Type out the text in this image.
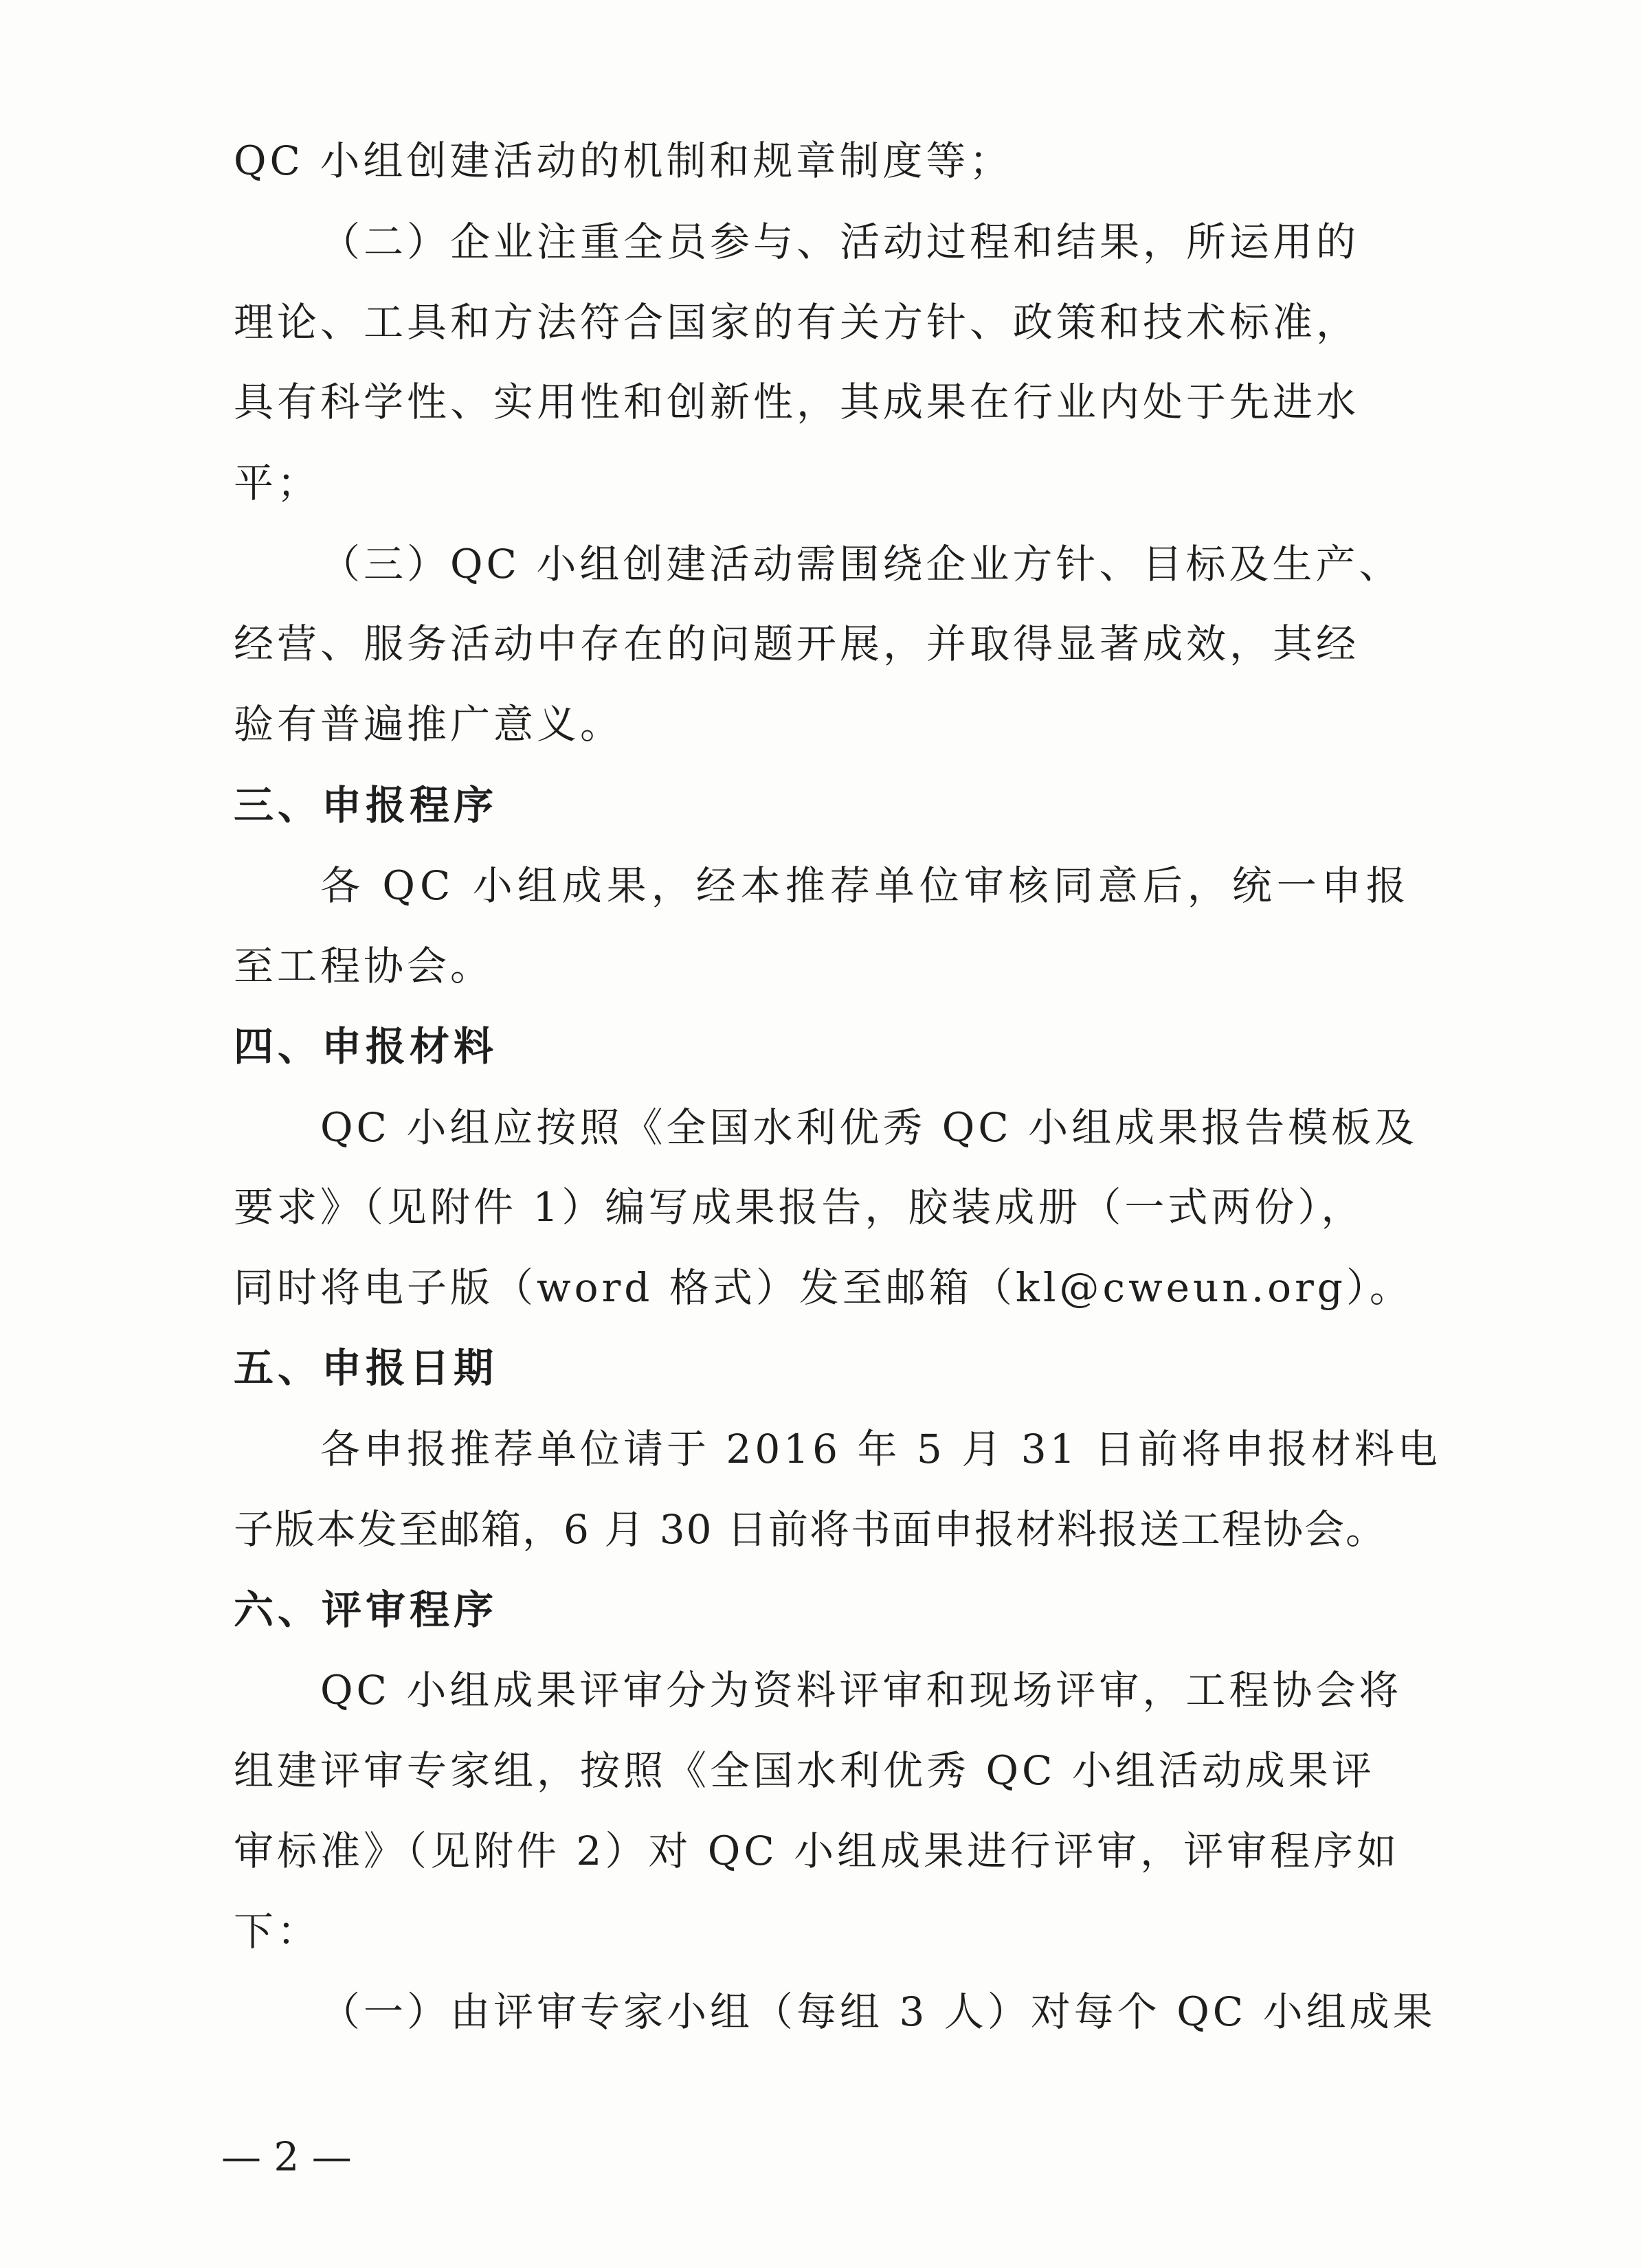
QC 小组创建活动的机制和规章制度等；
（二）企业注重全员参与、活动过程和结果，所运用的
理论、工具和方法符合国家的有关方针、政策和技术标准，
具有科学性、实用性和创新性，其成果在行业内处于先进水
平；
（三）QC 小组创建活动需围绕企业方针、目标及生产、
经营、服务活动中存在的问题开展，并取得显著成效，其经
验有普遍推广意义。
三、申报程序
各 QC 小组成果，经本推荐单位审核同意后，统一申报
至工程协会。
四、申报材料
QC 小组应按照《全国水利优秀 QC 小组成果报告模板及
要求》（见附件 1）编写成果报告，胶装成册（一式两份），
同时将电子版（word 格式）发至邮箱（kl@cweun.org）。
五、申报日期
各申报推荐单位请于 2016 年 5 月 31 日前将申报材料电
子版本发至邮箱，6 月 30 日前将书面申报材料报送工程协会。
六、评审程序
QC 小组成果评审分为资料评审和现场评审，工程协会将
组建评审专家组，按照《全国水利优秀 QC 小组活动成果评
审标准》（见附件 2）对 QC 小组成果进行评审，评审程序如
下：
（一）由评审专家小组（每组 3 人）对每个 QC 小组成果
— 2 —
